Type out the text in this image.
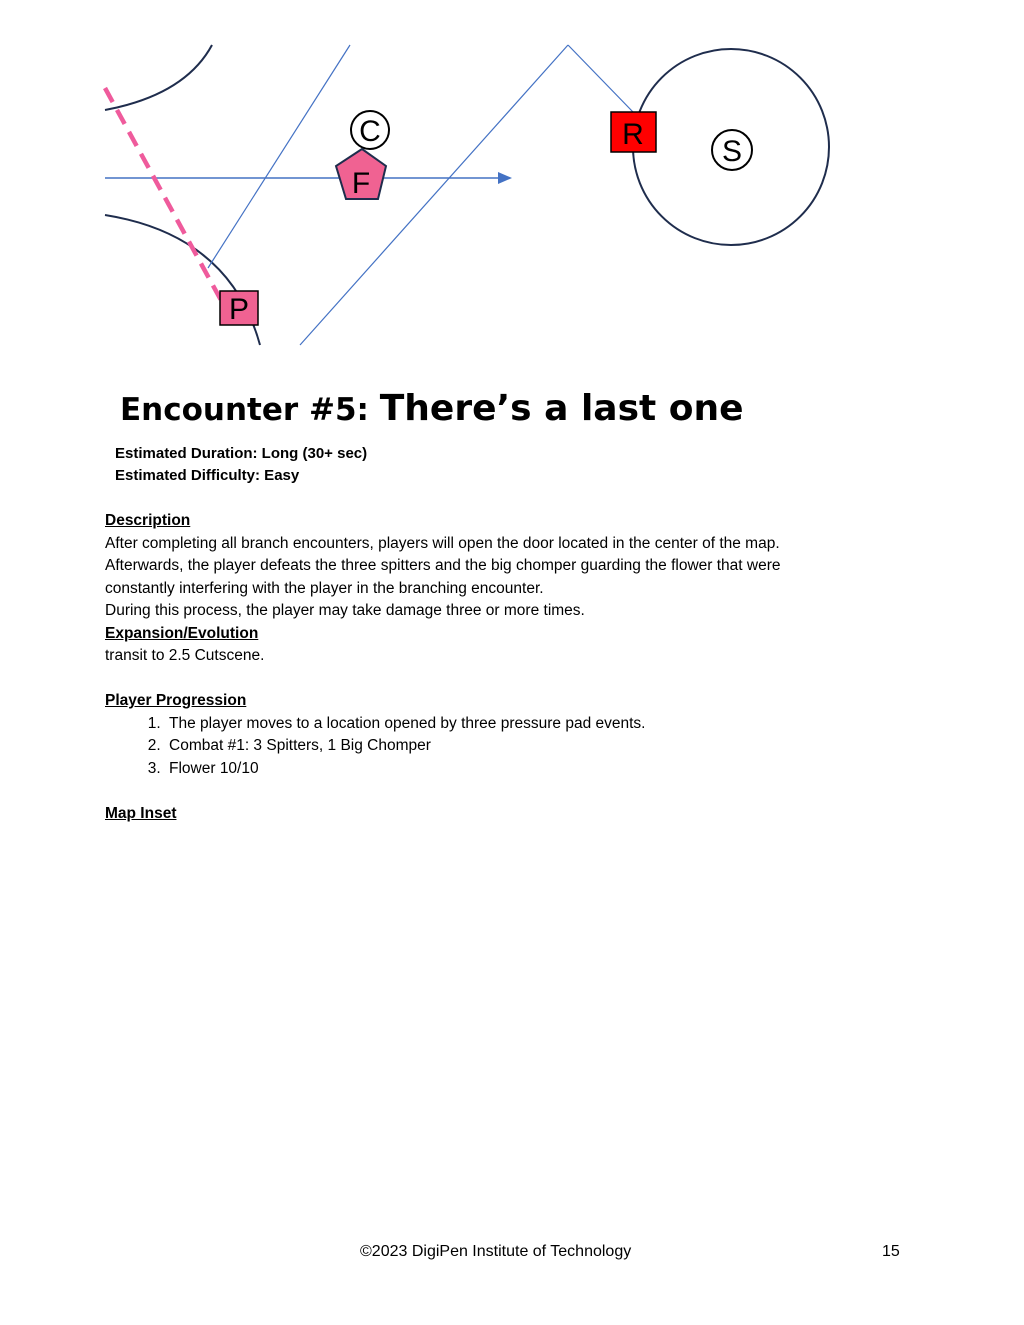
C
F
R
S
P
Encounter #5: There’s a last one
Estimated Duration: Long (30+ sec)
Estimated Difficulty: Easy
Description
After completing all branch encounters, players will open the door located in the center of the map.
Afterwards, the player defeats the three spitters and the big chomper guarding the flower that were
constantly interfering with the player in the branching encounter.
During this process, the player may take damage three or more times.
Expansion/Evolution
transit to 2.5 Cutscene.
Player Progression
1. The player moves to a location opened by three pressure pad events.
2. Combat #1: 3 Spitters, 1 Big Chomper
3. Flower 10/10
Map Inset
©2023 DigiPen Institute of Technology	15
